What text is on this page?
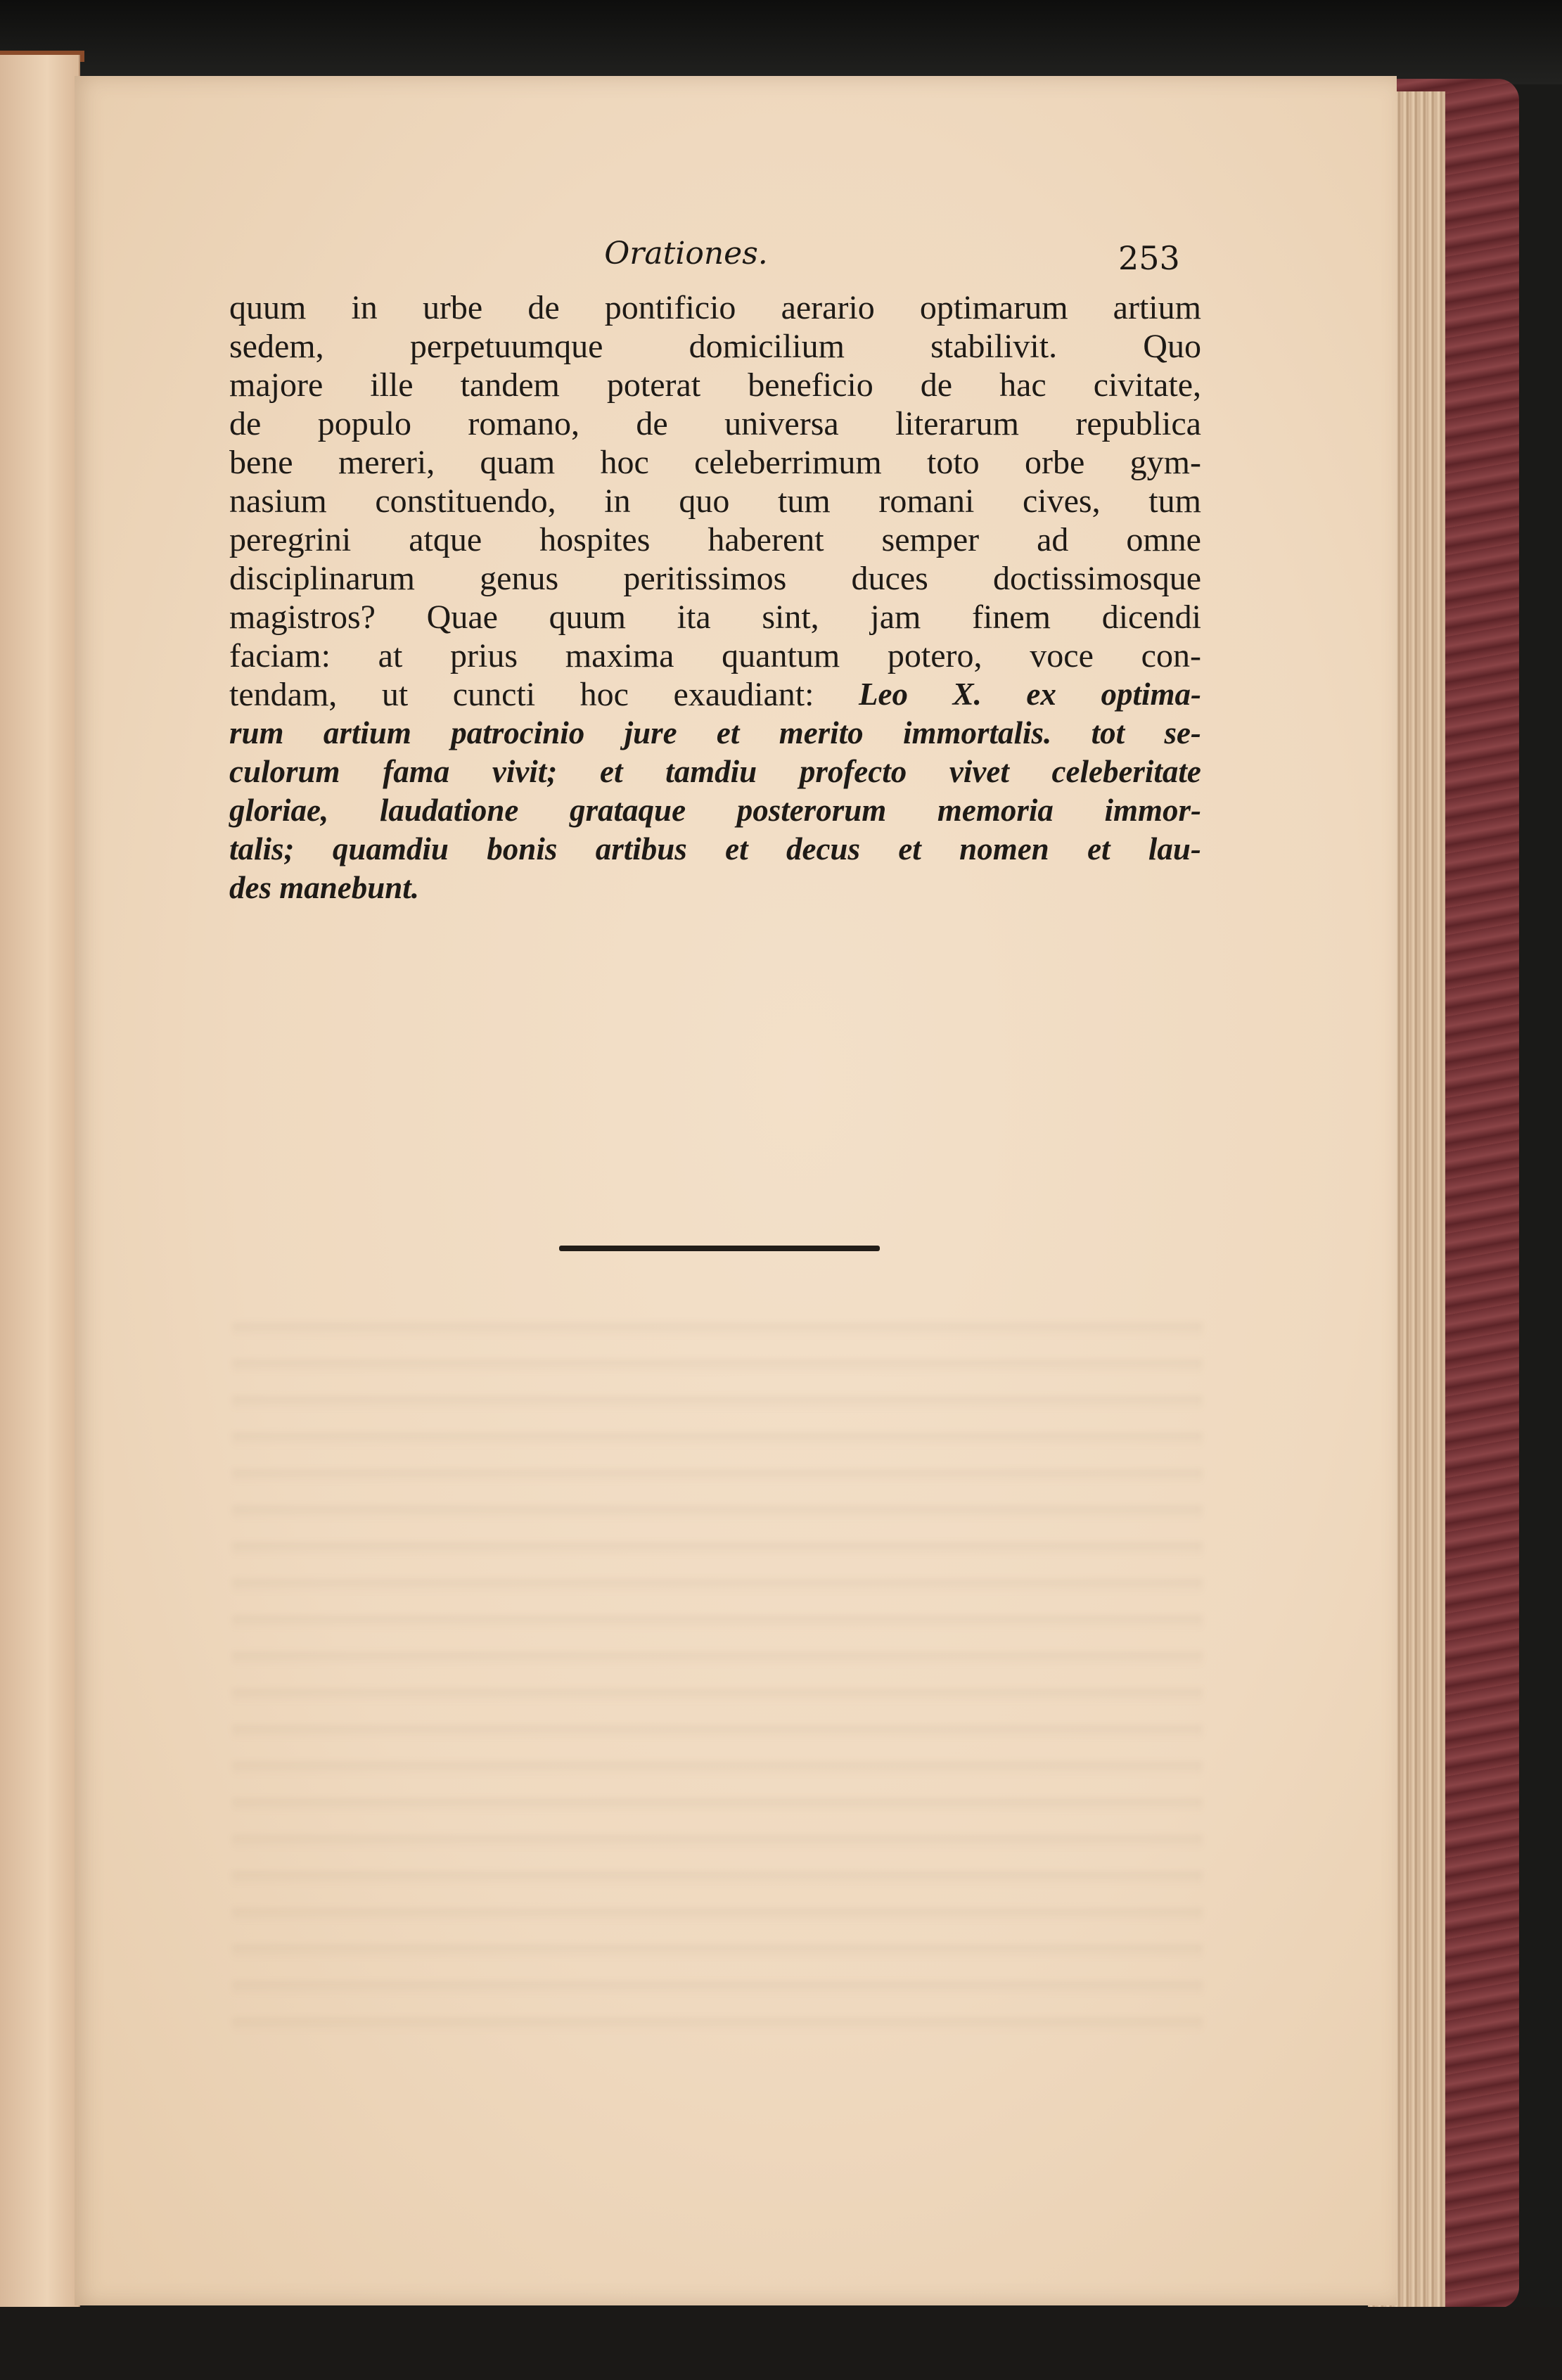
Orationes.	253
quum in urbe de pontificio aerario optimarum artium
sedem,	perpetuumque	domicilium	stabilivit.	Quo
majore ille tandem poterat beneficio de hac civitate,
de populo romano, de universa literarum republica
bene mereri, quam hoc celeberrimum toto orbe gym-
nasium constituendo, in quo tum romani cives, tum
peregrini atque hospites haberent semper ad omne
disciplinarum genus peritissimos duces doctissimosque
magistros? Quae quum ita sint, jam finem dicendi
faciam: at prius maxima quantum potero, voce con-
tendam, ut cuncti hoc exaudiant: Leo X. ex optima-
rum artium patrocinio jure et merito immortalis. tot se-
culorum fama vivit; et tamdiu profecto vivet celeberitate
gloriae, laudatione grataque posterorum memoria immor-
talis; quamdiu bonis artibus et decus et nomen et lau-
des
manebunt.
